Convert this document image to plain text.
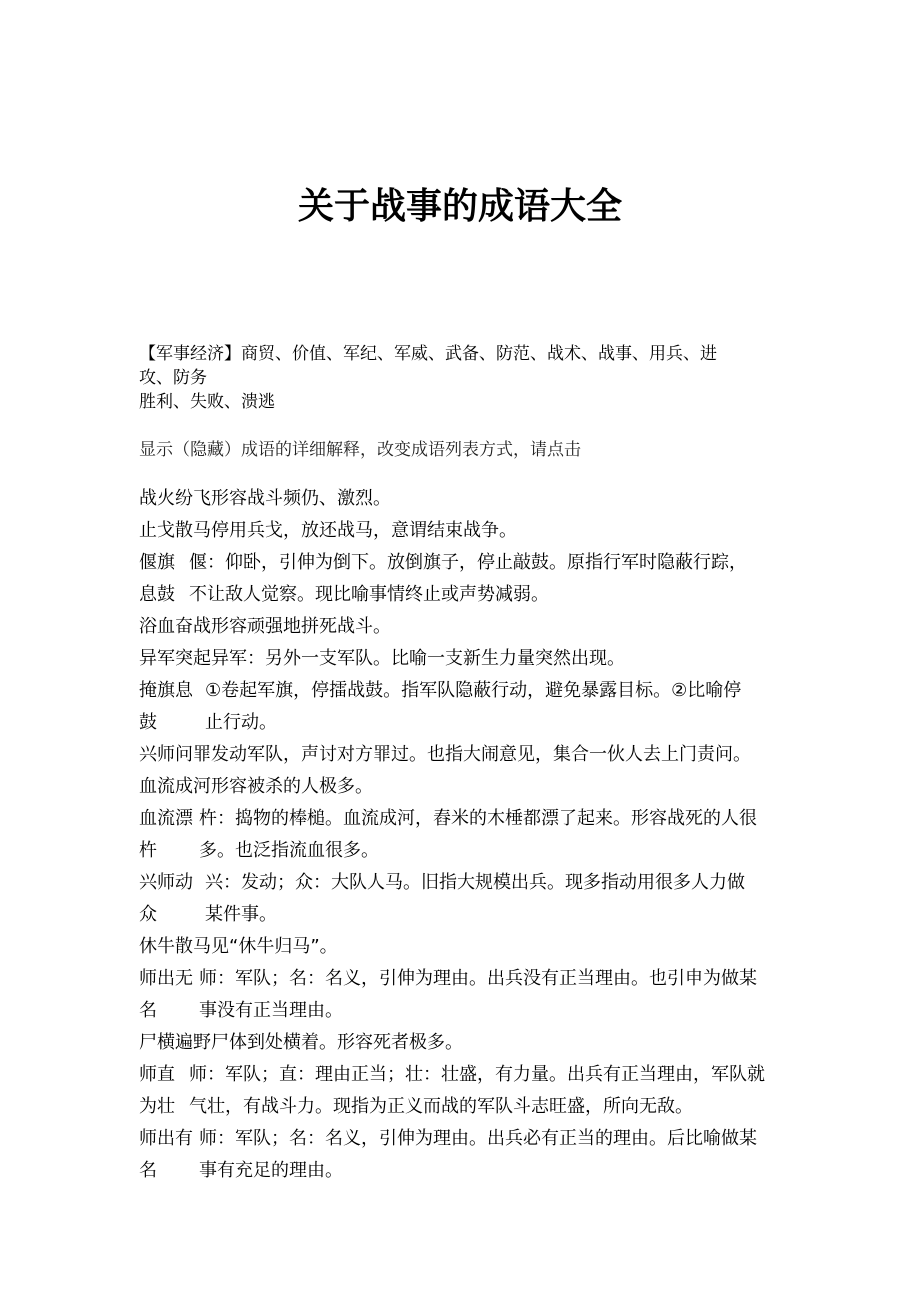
关于战事的成语大全
【军事经济】商贸、价值、军纪、军威、武备、防范、战术、战事、用兵、进
攻、防务
胜利、失败、溃逃
显示（隐藏）成语的详细解释，改变成语列表方式，请点击
战火纷飞形容战斗频仍、激烈。
止戈散马停用兵戈，放还战马，意谓结束战争。
偃旗 偃：仰卧，引伸为倒下。放倒旗子，停止敲鼓。原指行军时隐蔽行踪，
息鼓 不让敌人觉察。现比喻事情终止或声势减弱。
浴血奋战形容顽强地拼死战斗。
异军突起异军：另外一支军队。比喻一支新生力量突然出现。
掩旗息 ①卷起军旗，停擂战鼓。指军队隐蔽行动，避免暴露目标。②比喻停
鼓	止行动。
兴师问罪发动军队，声讨对方罪过。也指大闹意见，集合一伙人去上门责问。
血流成河形容被杀的人极多。
血流漂 杵：捣物的棒槌。血流成河，舂米的木棰都漂了起来。形容战死的人很
杵 多。也泛指流血很多。
兴师动 兴：发动；众：大队人马。旧指大规模出兵。现多指动用很多人力做
众	某件事。
休牛散马见“休牛归马”。
师出无 师：军队；名：名义，引伸为理由。出兵没有正当理由。也引申为做某
名 事没有正当理由。
尸横遍野尸体到处横着。形容死者极多。
师直 师：军队；直：理由正当；壮：壮盛，有力量。出兵有正当理由，军队就
为壮 气壮，有战斗力。现指为正义而战的军队斗志旺盛，所向无敌。
师出有 师：军队；名：名义，引伸为理由。出兵必有正当的理由。后比喻做某
名 事有充足的理由。
